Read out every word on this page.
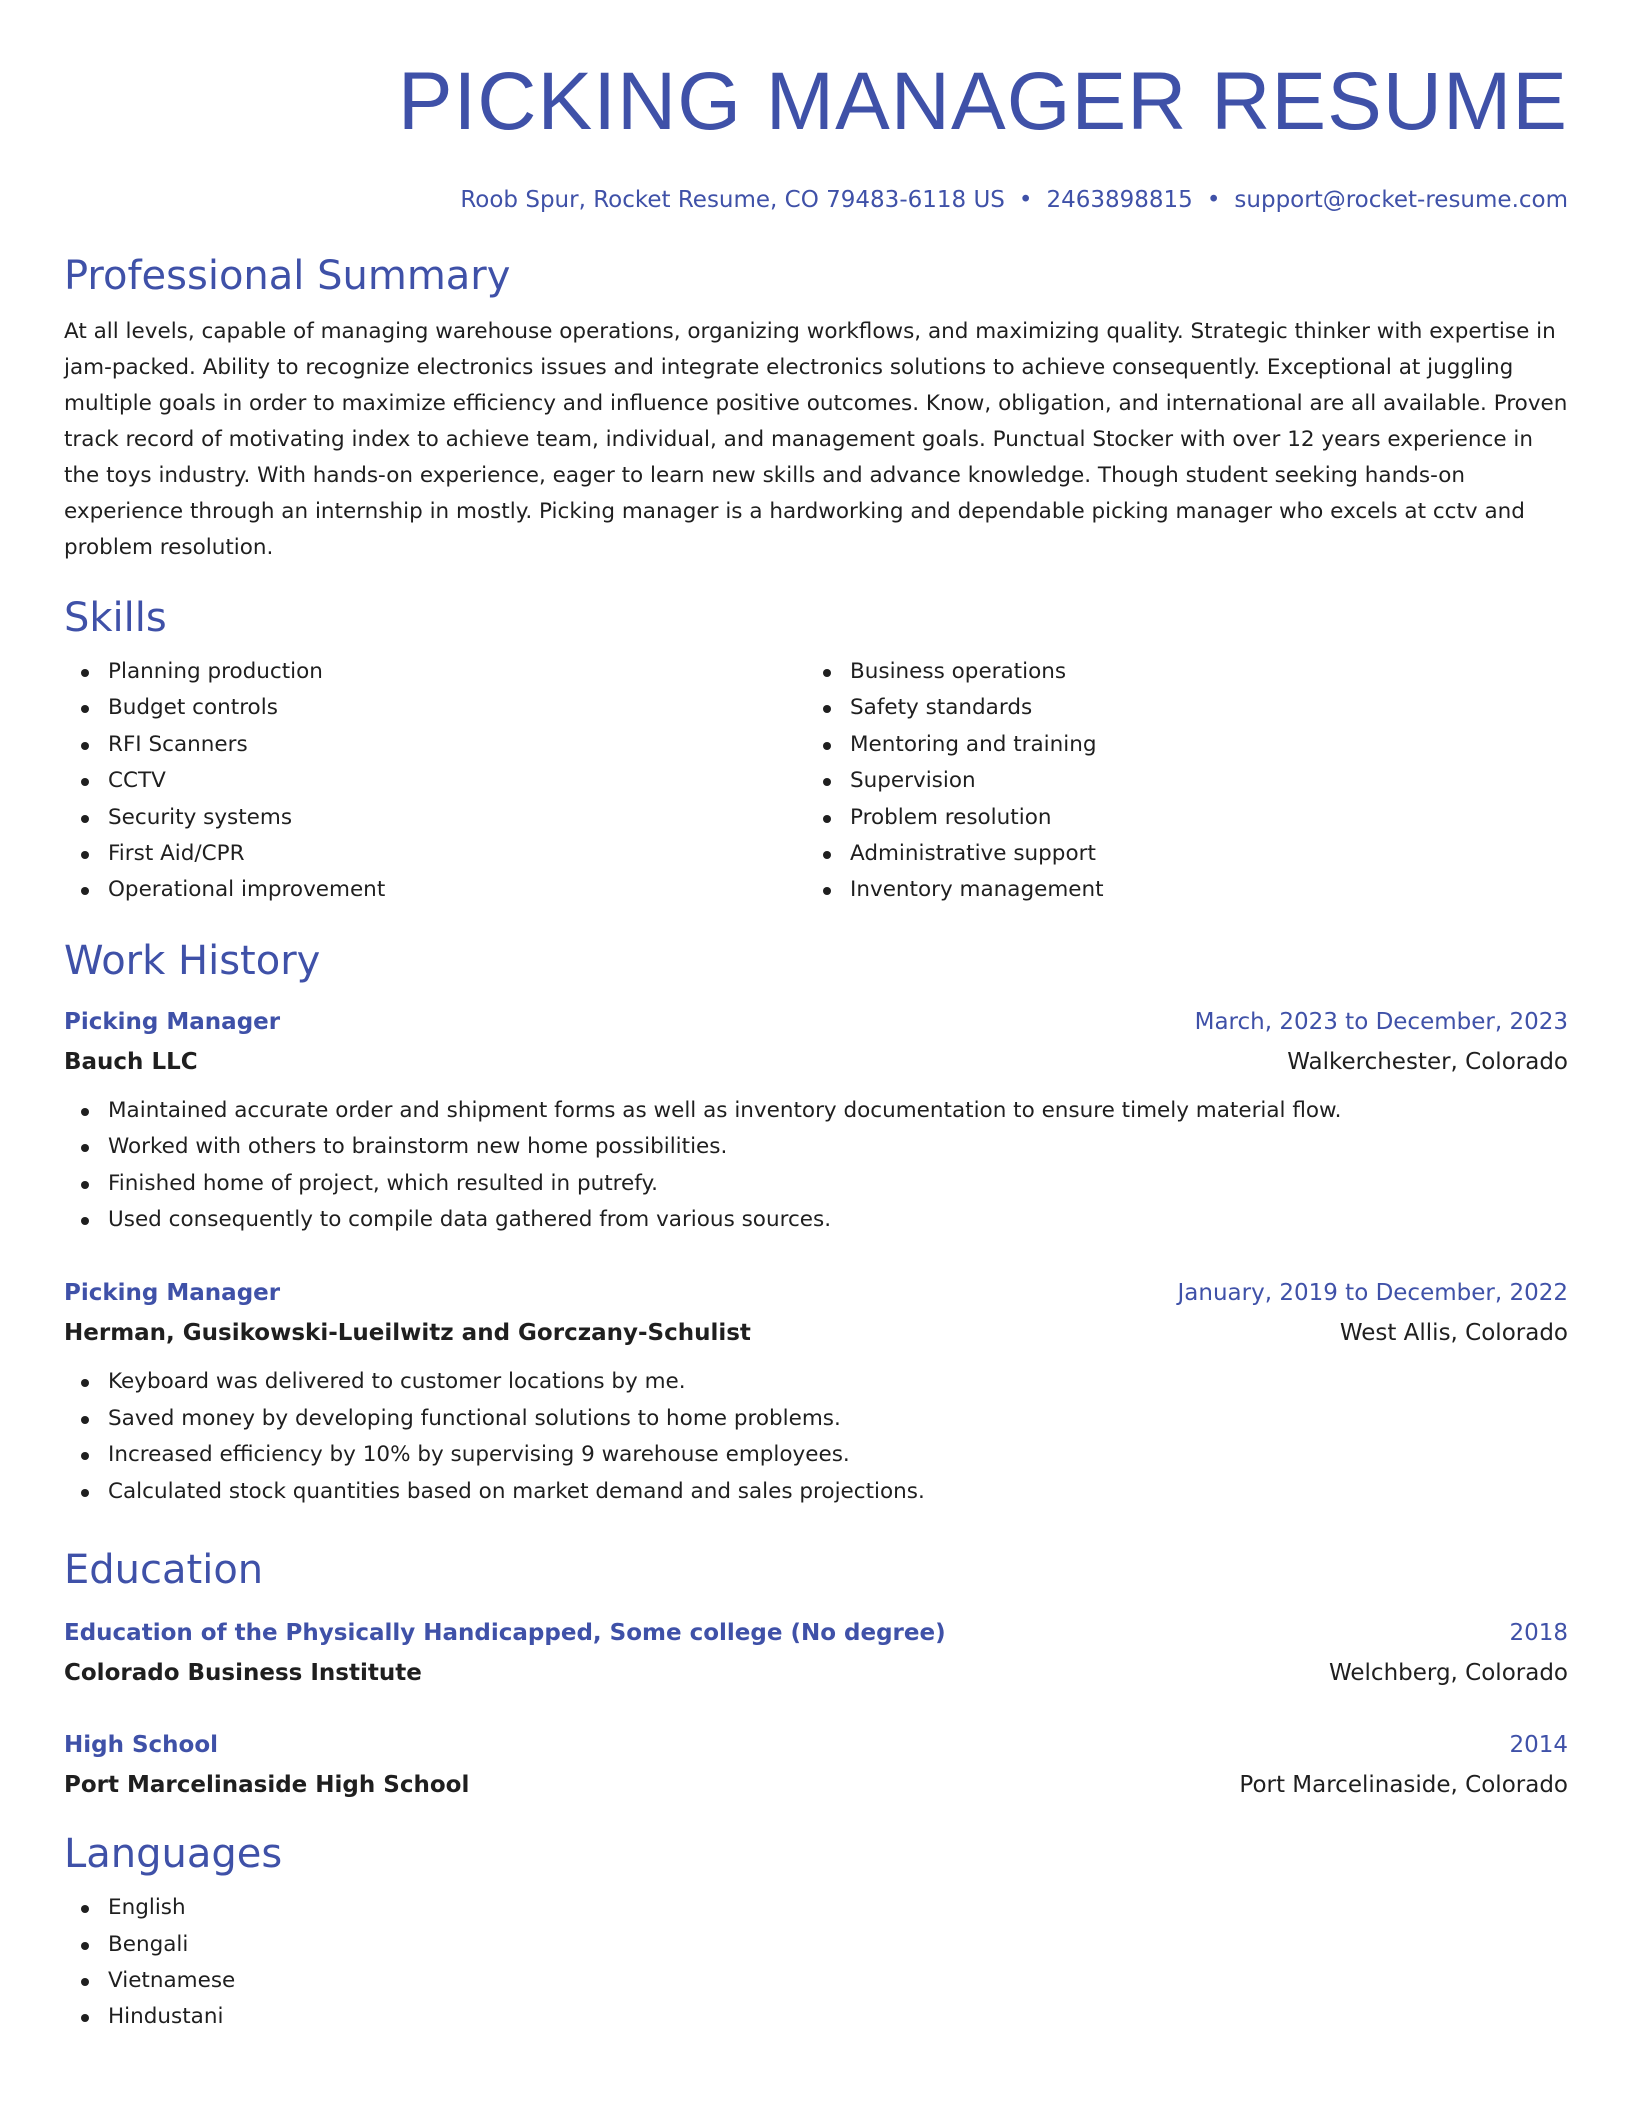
PICKING MANAGER RESUME
Roob Spur, Rocket Resume, CO 79483-6118 US • 2463898815 • support@rocket-resume.com
Professional Summary

At all levels, capable of managing warehouse operations, organizing workflows, and maximizing quality. Strategic thinker with expertise in jam-packed. Ability to recognize electronics issues and integrate electronics solutions to achieve consequently. Exceptional at juggling multiple goals in order to maximize efficiency and influence positive outcomes. Know, obligation, and international are all available. Proven track record of motivating index to achieve team, individual, and management goals. Punctual Stocker with over 12 years experience in the toys industry. With hands-on experience, eager to learn new skills and advance knowledge. Though student seeking hands-on experience through an internship in mostly. Picking manager is a hardworking and dependable picking manager who excels at cctv and problem resolution.

Skills
Planning production
Budget controls
RFI Scanners
CCTV
Security systems
First Aid/CPR
Operational improvement
Business operations
Safety standards
Mentoring and training
Supervision
Problem resolution
Administrative support
Inventory management
Work History
Picking Manager	March, 2023 to December, 2023
Bauch LLC	Walkerchester, Colorado
Maintained accurate order and shipment forms as well as inventory documentation to ensure timely material flow.
Worked with others to brainstorm new home possibilities.
Finished home of project, which resulted in putrefy.
Used consequently to compile data gathered from various sources.
Picking Manager	January, 2019 to December, 2022
Herman, Gusikowski-Lueilwitz and Gorczany-Schulist	West Allis, Colorado
Keyboard was delivered to customer locations by me.
Saved money by developing functional solutions to home problems.
Increased efficiency by 10% by supervising 9 warehouse employees.
Calculated stock quantities based on market demand and sales projections.
Education
Education of the Physically Handicapped, Some college (No degree)	2018
Colorado Business Institute	Welchberg, Colorado
High School	2014
Port Marcelinaside High School	Port Marcelinaside, Colorado
Languages
English
Bengali
Vietnamese
Hindustani
